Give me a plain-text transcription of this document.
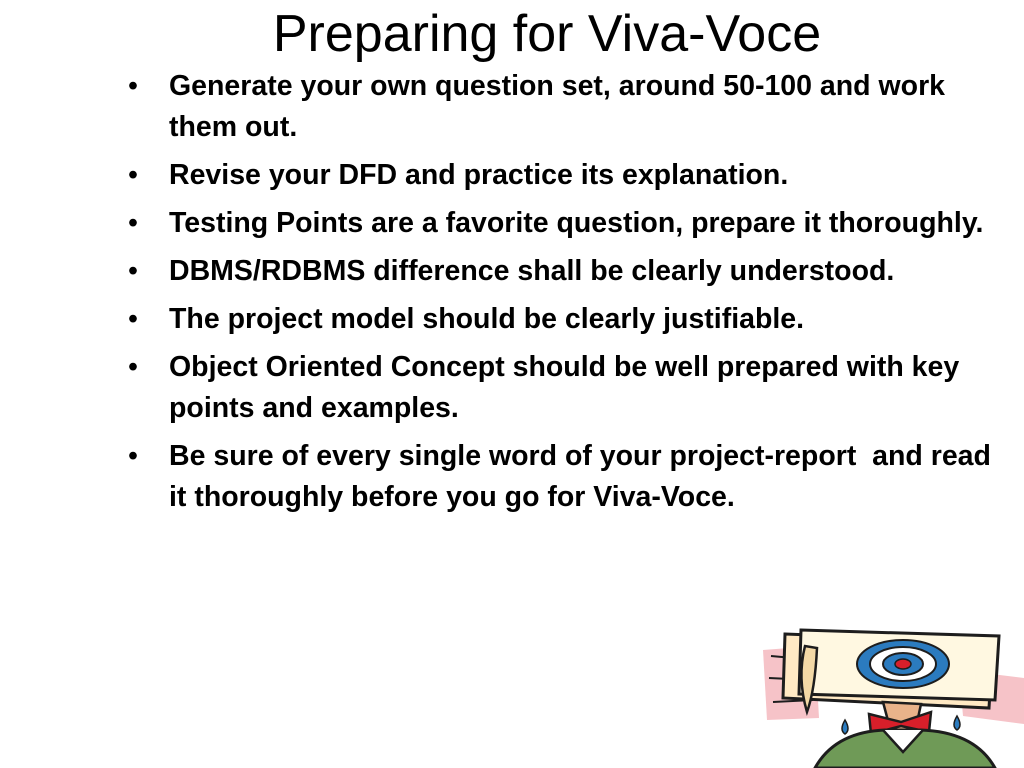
Preparing for Viva-Voce
• Generate your own question set, around 50-100 and work them out.
• Revise your DFD and practice its explanation.
• Testing Points are a favorite question, prepare it thoroughly.
• DBMS/RDBMS difference shall be clearly understood.
• The project model should be clearly justifiable.
• Object Oriented Concept should be well prepared with key points and examples.
• Be sure of every single word of your project-report  and read it thoroughly before you go for Viva-Voce.
